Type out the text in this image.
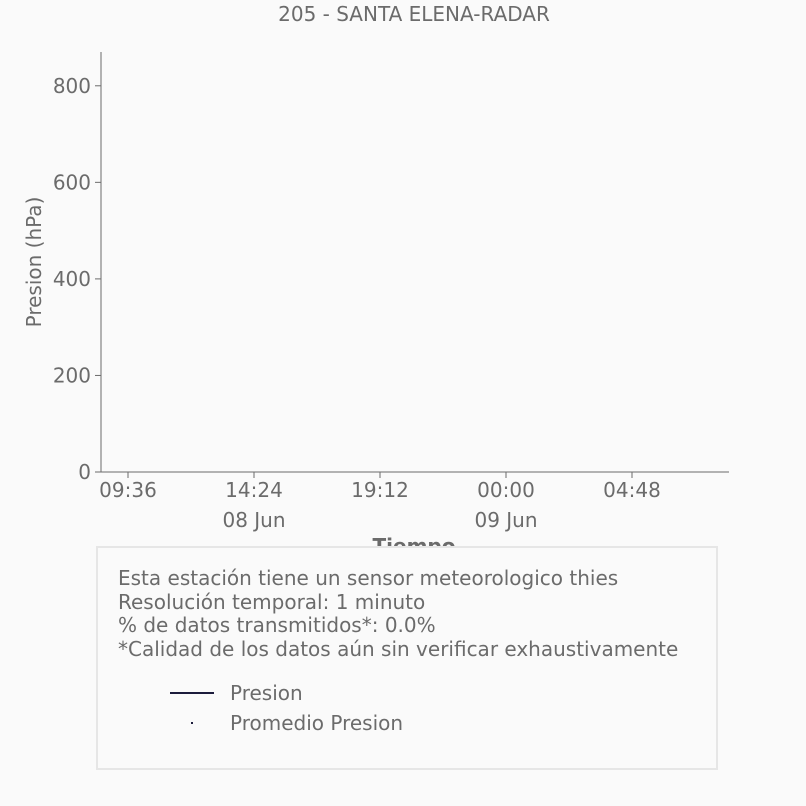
205 - SANTA ELENA-RADAR
0
200
400
600
800
09:36	14:24	19:12	00:00	04:48
08 Jun	09 Jun
Presion (hPa)
Esta estación tiene un sensor meteorologico thies
Resolución temporal: 1 minuto
% de datos transmitidos*: 0.0%
*Calidad de los datos aún sin verificar exhaustivamente
Presion
Promedio Presion
